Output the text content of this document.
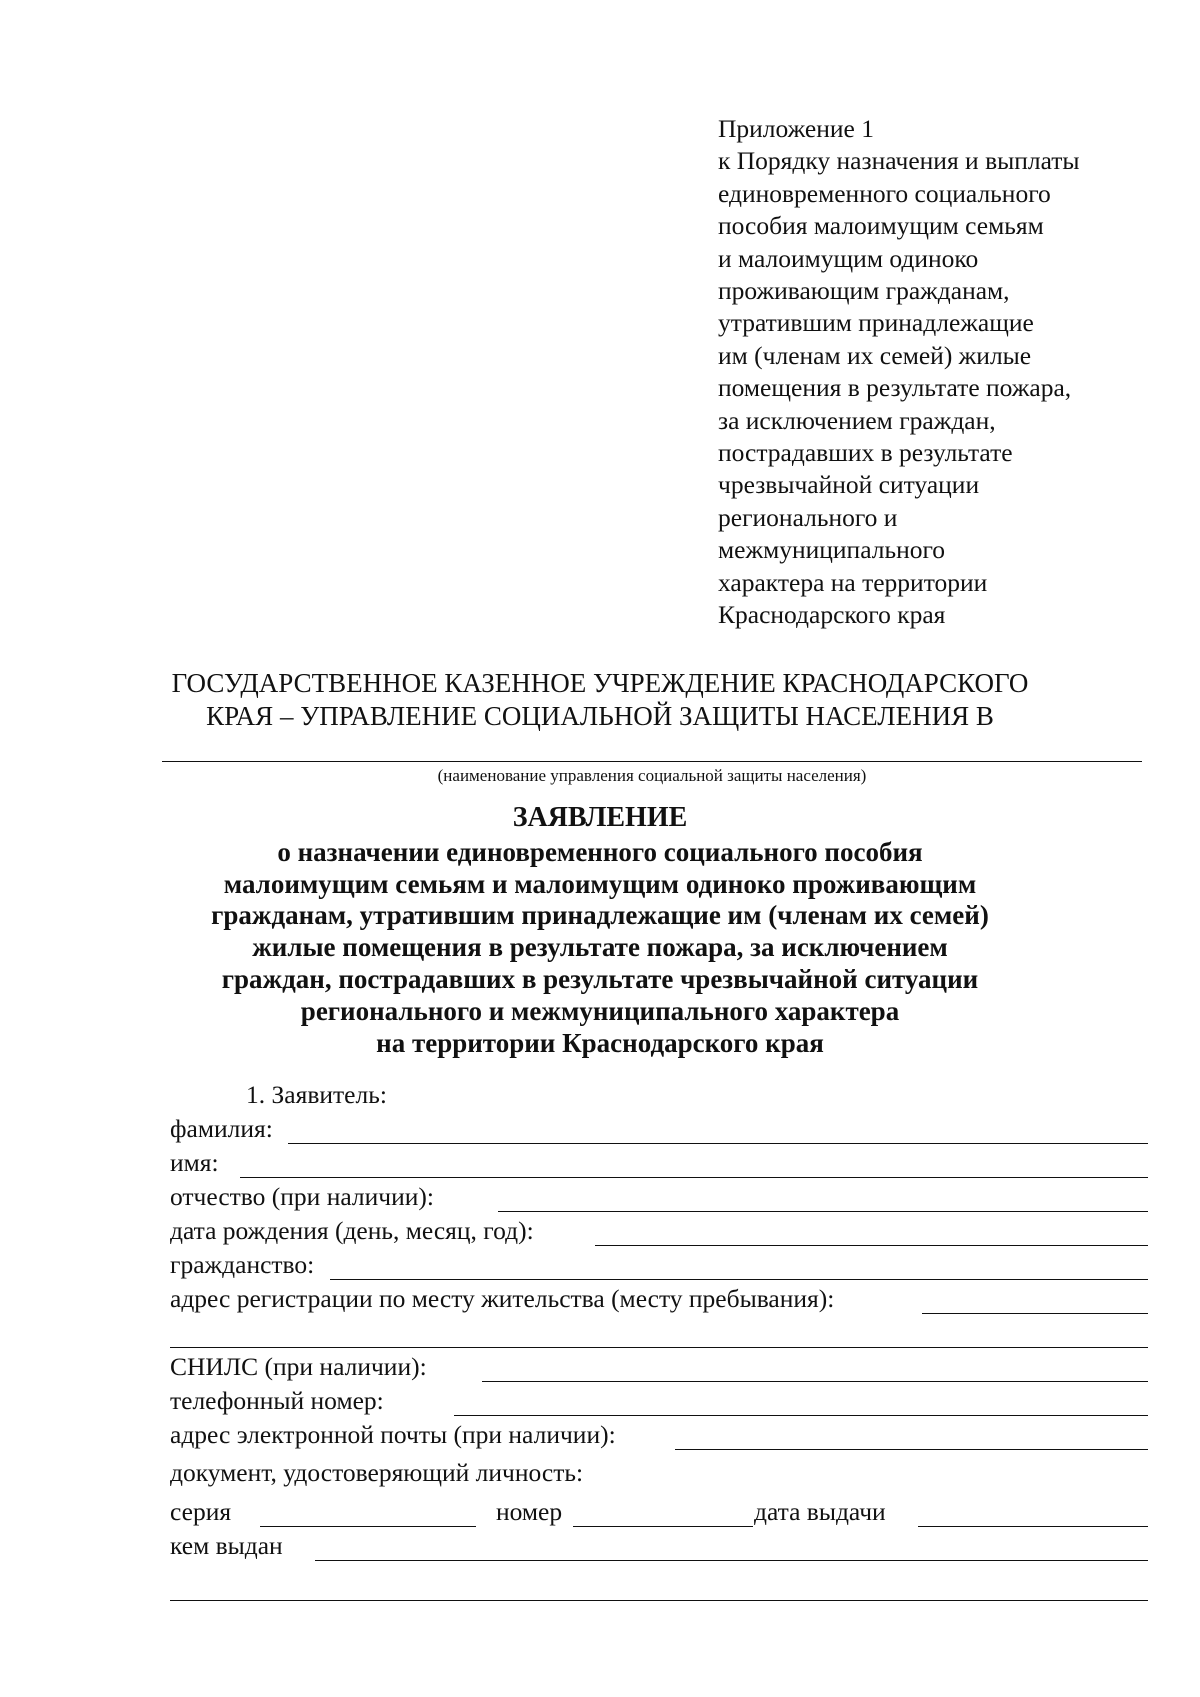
Приложение 1
к Порядку назначения и выплаты
единовременного социального
пособия малоимущим семьям
и малоимущим одиноко
проживающим гражданам,
утратившим принадлежащие
им (членам их семей) жилые
помещения в результате пожара,
за исключением граждан,
пострадавших в результате
чрезвычайной ситуации
регионального и
межмуниципального
характера на территории
Краснодарского края
ГОСУДАРСТВЕННОЕ КАЗЕННОЕ УЧРЕЖДЕНИЕ КРАСНОДАРСКОГО
КРАЯ – УПРАВЛЕНИЕ СОЦИАЛЬНОЙ ЗАЩИТЫ НАСЕЛЕНИЯ В
(наименование управления социальной защиты населения)
ЗАЯВЛЕНИЕ
о назначении единовременного социального пособия
малоимущим семьям и малоимущим одиноко проживающим
гражданам, утратившим принадлежащие им (членам их семей)
жилые помещения в результате пожара, за исключением
граждан, пострадавших в результате чрезвычайной ситуации
регионального и межмуниципального характера
на территории Краснодарского края
1. Заявитель:
фамилия:
имя:
отчество (при наличии):
дата рождения (день, месяц, год):
гражданство:
адрес регистрации по месту жительства (месту пребывания):
СНИЛС (при наличии):
телефонный номер:
адрес электронной почты (при наличии):
документ, удостоверяющий личность:
серия	номер	дата выдачи
кем выдан
